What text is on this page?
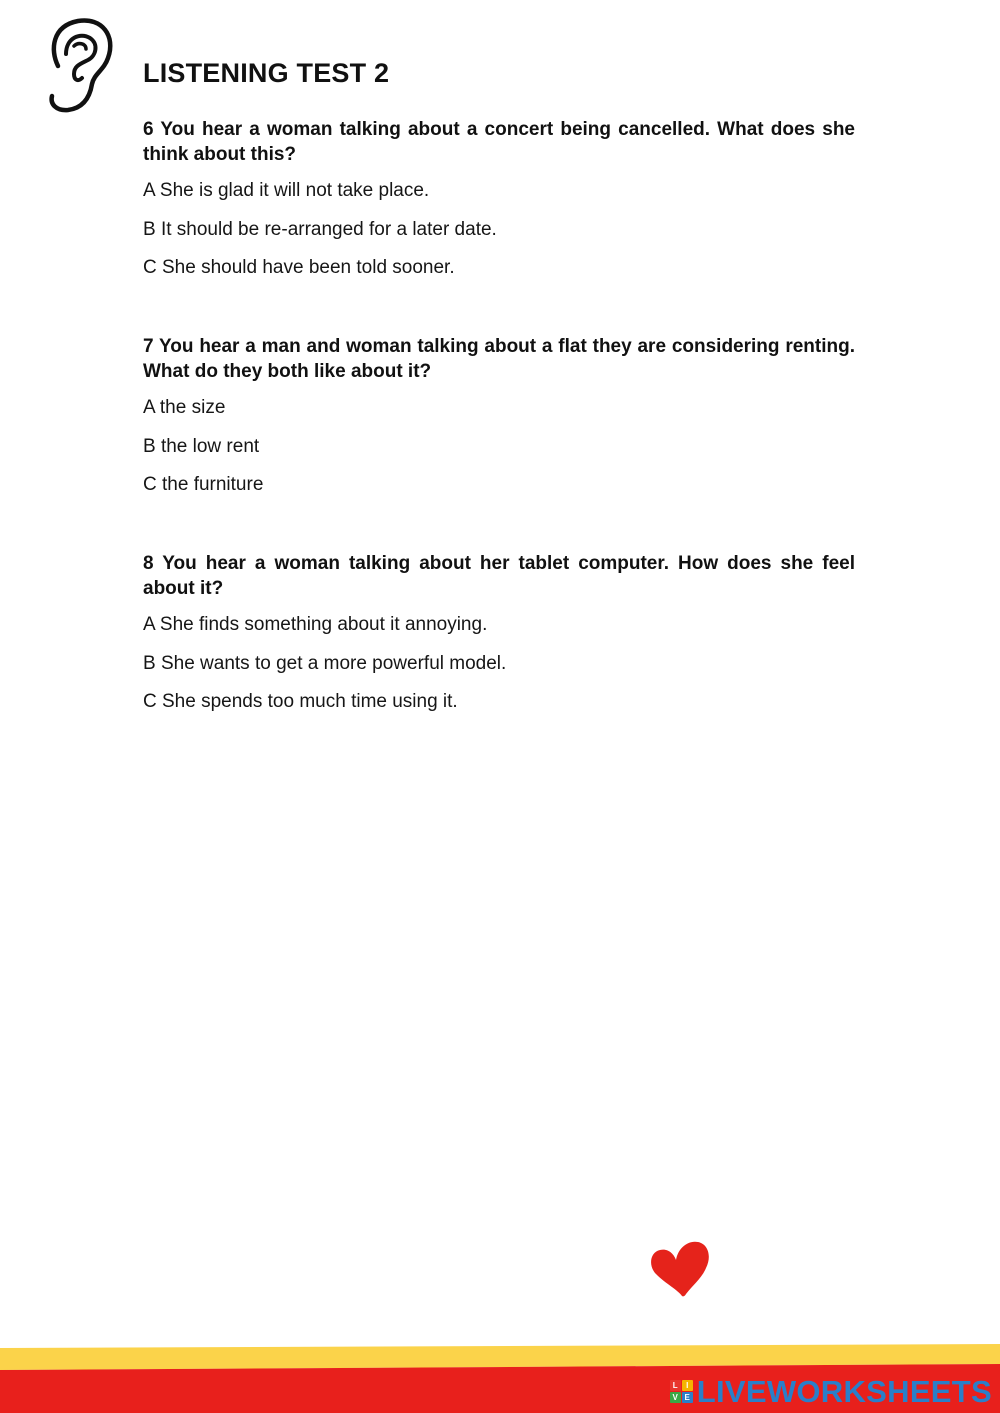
LISTENING TEST 2

6 You hear a woman talking about a concert being cancelled. What does she think about this?

A She is glad it will not take place.

B It should be re-arranged for a later date.

C She should have been told sooner.

7 You hear a man and woman talking about a flat they are considering renting. What do they both like about it?

A the size

B the low rent

C the furniture

8 You hear a woman talking about her tablet computer. How does she feel about it?

A She finds something about it annoying.

B She wants to get a more powerful model.

C She spends too much time using it.

L	I
V E LIVEWORKSHEETS
